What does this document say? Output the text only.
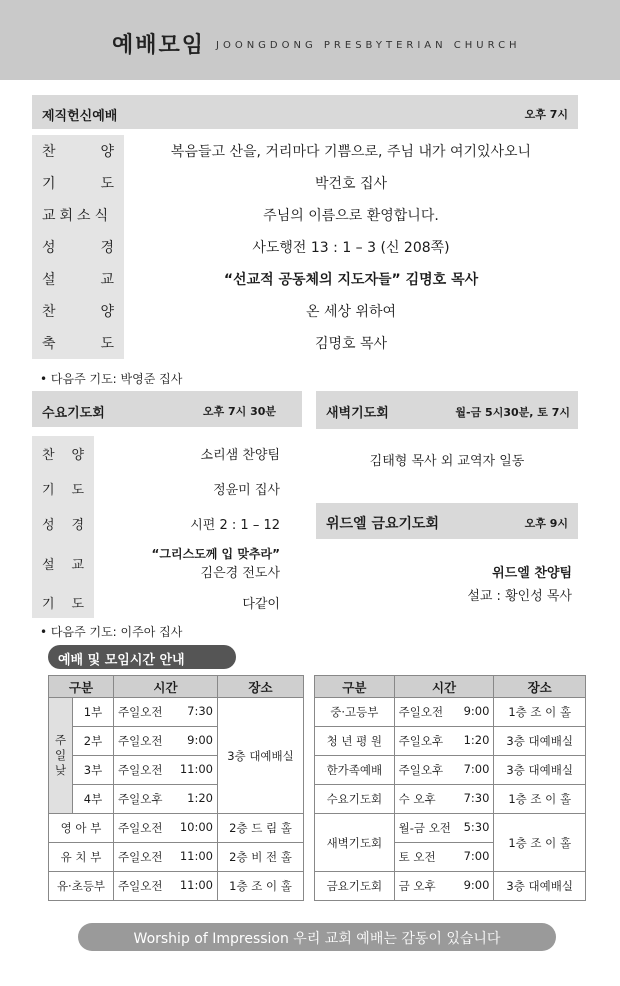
예배모임 JOONGDONG PRESBYTERIAN CHURCH
제직헌신예배	오후 7시
찬	양	복음들고 산을, 거리마다 기쁨으로, 주님 내가 여기있사오니
기	도	박건호 집사
교회소식	주님의 이름으로 환영합니다.
성	경	사도행전 13 : 1 – 3 (신 208쪽)
설	교	“선교적 공동체의 지도자들” 김명호 목사
찬	양	온 세상 위하여
축	도	김명호 목사
• 다음주 기도: 박영준 집사
수요기도회	오후 7시 30분
찬 양	소리샘 찬양팀
기 도	정윤미 집사
성 경	시편 2 : 1 – 12
설 교
“그리스도께 입 맞추라”
김은경 전도사
기 도	다같이
• 다음주 기도: 이주아 집사
새벽기도회	월-금 5시30분, 토 7시
김태형 목사 외 교역자 일동
위드엘 금요기도회	오후 9시
위드엘 찬양팀
설교 : 황인성 목사
예배 및 모임시간 안내
구분		시간	장소
주일낮	1부	주일오전 7:30	3층 대예배실
	2부	주일오전 9:00	

	3부	주일오전 11:00	

	4부	주일오후 1:20	

영 아 부		주일오전 10:00	2층 드 림 홀
유 치 부		주일오전 11:00	2층 비 전 홀
유·초등부		주일오전 11:00	1층 조 이 홀
구분	시간	장소
중·고등부	주일오전 9:00	1층 조 이 홀
청 년 평 원	주일오후 1:20	3층 대예배실
한가족예배	주일오후 7:00	3층 대예배실
수요기도회	수 오후 7:30	1층 조 이 홀
새벽기도회	월-금 오전 5:30	1층 조 이 홀

	토 오전 7:00	

금요기도회	금 오후 9:00	3층 대예배실
Worship of Impression 우리 교회 예배는 감동이 있습니다
